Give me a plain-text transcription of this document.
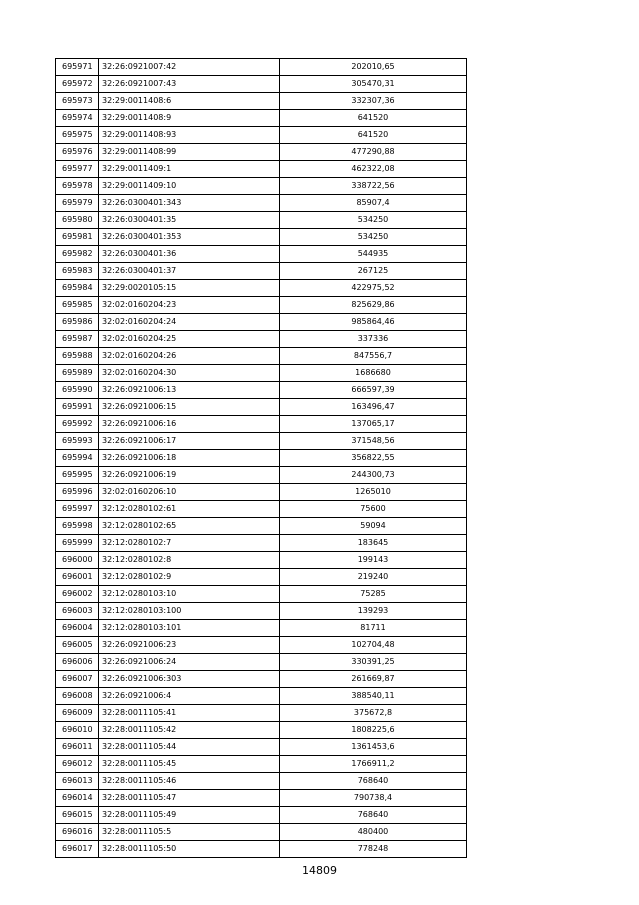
695971	32:26:0921007:42	202010,65
695972	32:26:0921007:43	305470,31
695973	32:29:0011408:6	332307,36
695974	32:29:0011408:9	641520
695975	32:29:0011408:93	641520
695976	32:29:0011408:99	477290,88
695977	32:29:0011409:1	462322,08
695978	32:29:0011409:10	338722,56
695979	32:26:0300401:343	85907,4
695980	32:26:0300401:35	534250
695981	32:26:0300401:353	534250
695982	32:26:0300401:36	544935
695983	32:26:0300401:37	267125
695984	32:29:0020105:15	422975,52
695985	32:02:0160204:23	825629,86
695986	32:02:0160204:24	985864,46
695987	32:02:0160204:25	337336
695988	32:02:0160204:26	847556,7
695989	32:02:0160204:30	1686680
695990	32:26:0921006:13	666597,39
695991	32:26:0921006:15	163496,47
695992	32:26:0921006:16	137065,17
695993	32:26:0921006:17	371548,56
695994	32:26:0921006:18	356822,55
695995	32:26:0921006:19	244300,73
695996	32:02:0160206:10	1265010
695997	32:12:0280102:61	75600
695998	32:12:0280102:65	59094
695999	32:12:0280102:7	183645
696000	32:12:0280102:8	199143
696001	32:12:0280102:9	219240
696002	32:12:0280103:10	75285
696003	32:12:0280103:100	139293
696004	32:12:0280103:101	81711
696005	32:26:0921006:23	102704,48
696006	32:26:0921006:24	330391,25
696007	32:26:0921006:303	261669,87
696008	32:26:0921006:4	388540,11
696009	32:28:0011105:41	375672,8
696010	32:28:0011105:42	1808225,6
696011	32:28:0011105:44	1361453,6
696012	32:28:0011105:45	1766911,2
696013	32:28:0011105:46	768640
696014	32:28:0011105:47	790738,4
696015	32:28:0011105:49	768640
696016	32:28:0011105:5	480400
696017	32:28:0011105:50	778248
14809
